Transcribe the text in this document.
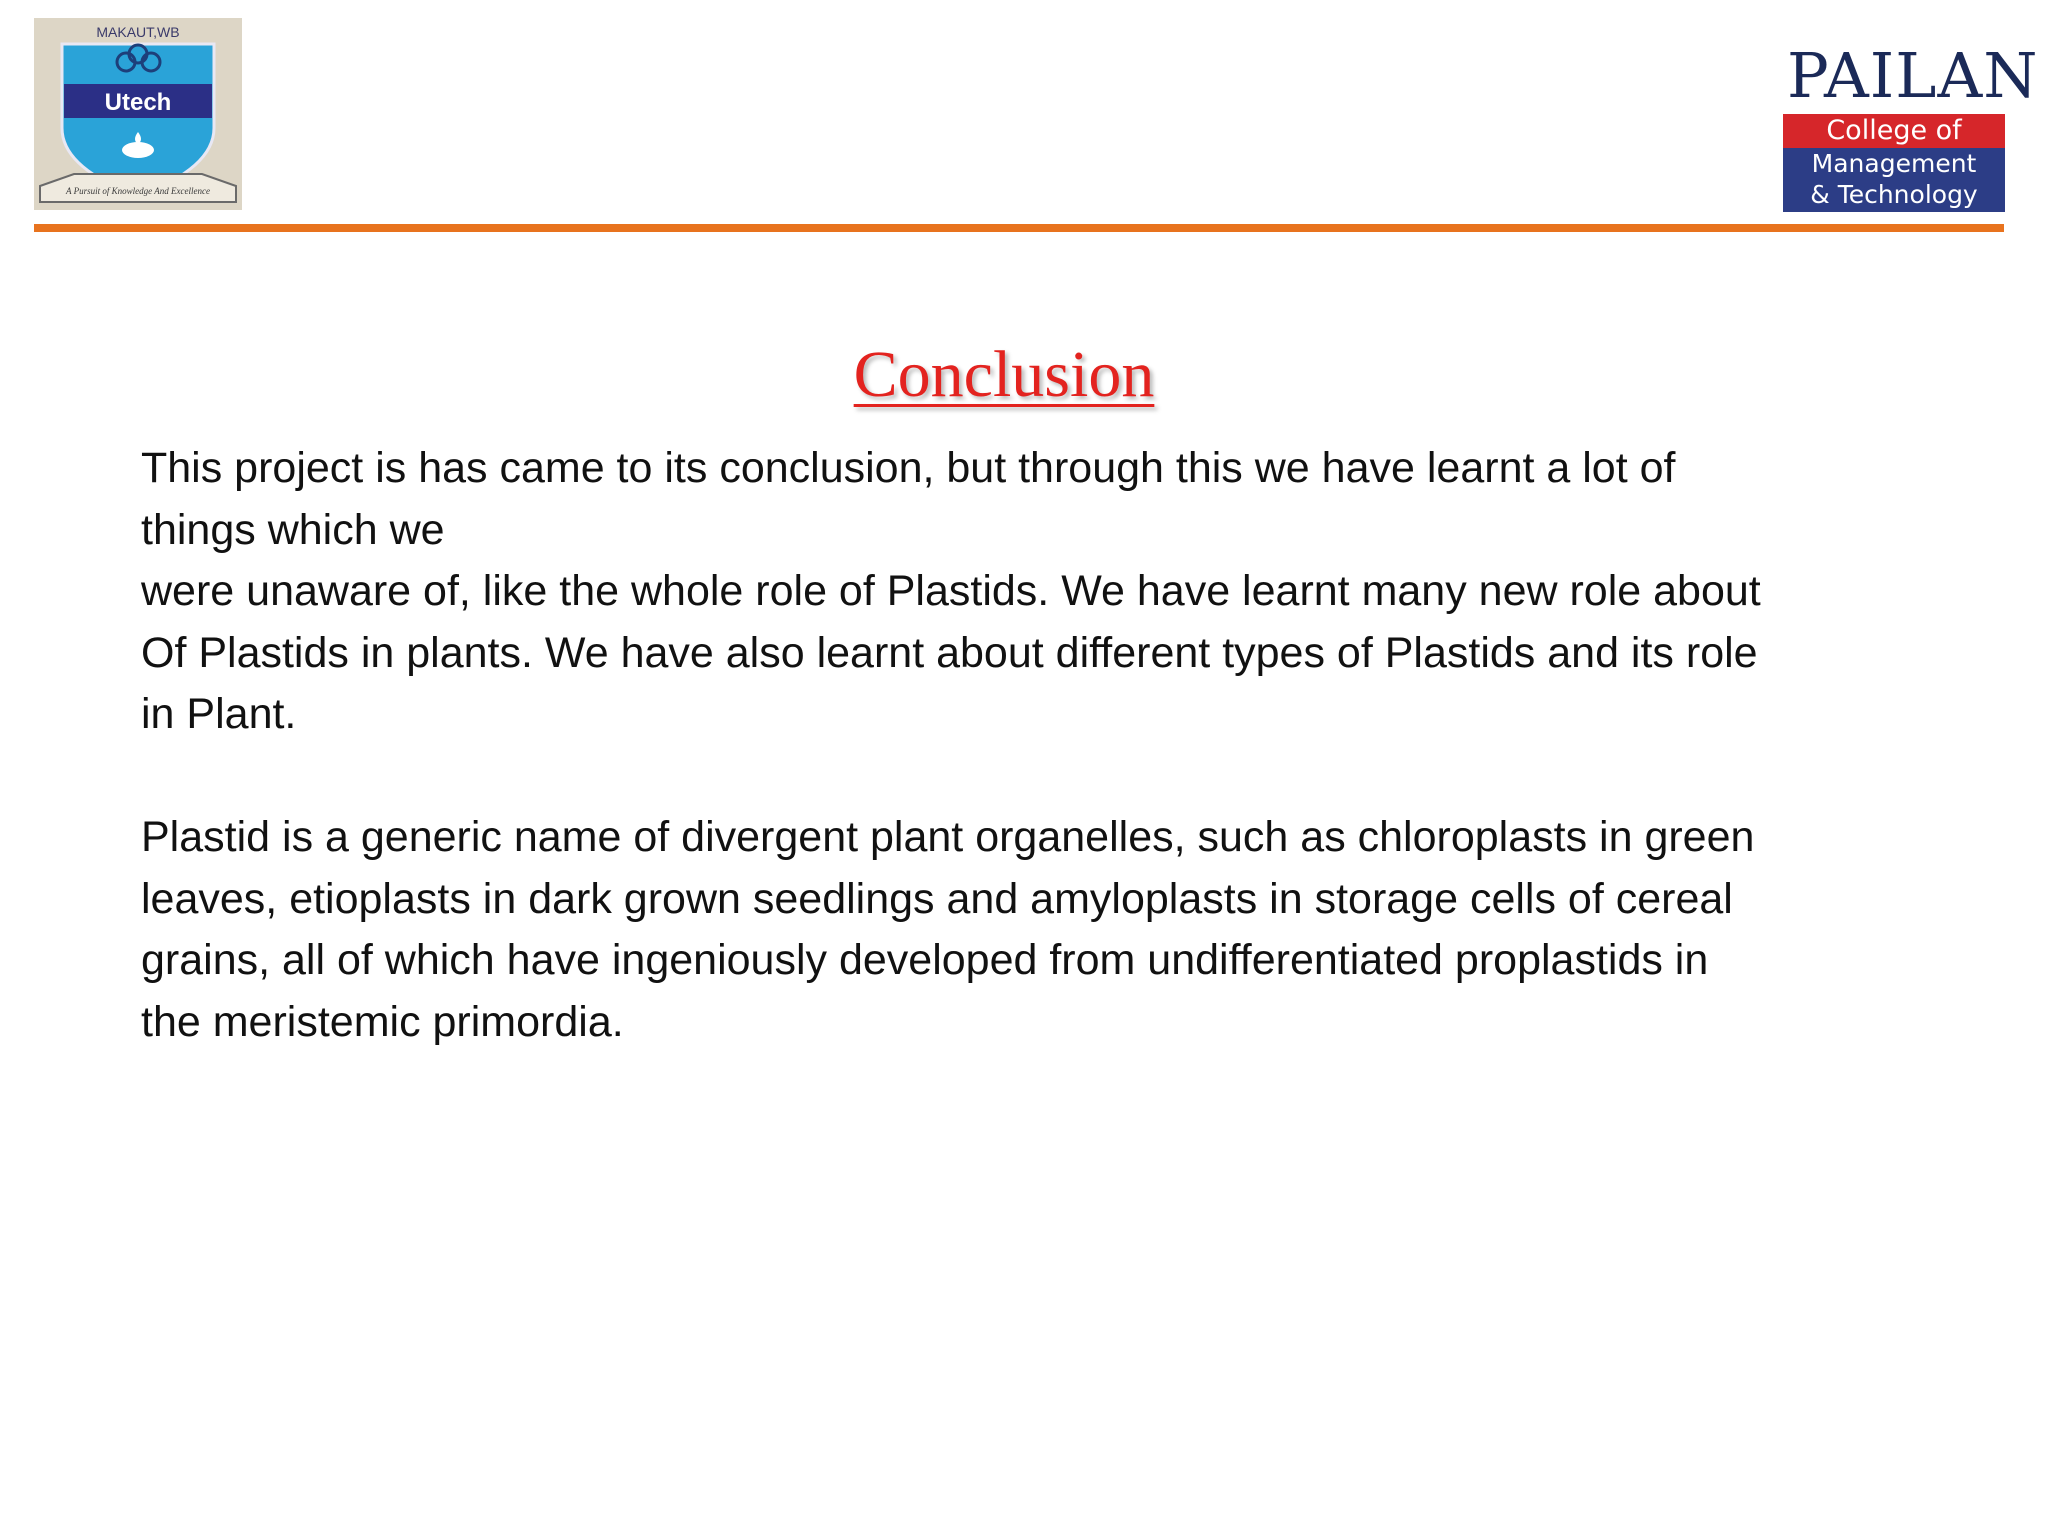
MAKAUT,WB
Utech
A Pursuit of Knowledge And Excellence
PAILAN
College of
Management
& Technology
Conclusion
This project is has came to its conclusion, but through this we have learnt a lot of
things which we
were unaware of, like the whole role of Plastids. We have learnt many new role about
Of Plastids in plants. We have also learnt about different types of Plastids and its role
in Plant.
Plastid is a generic name of divergent plant organelles, such as chloroplasts in green
leaves, etioplasts in dark grown seedlings and amyloplasts in storage cells of cereal
grains, all of which have ingeniously developed from undifferentiated proplastids in
the meristemic primordia.
